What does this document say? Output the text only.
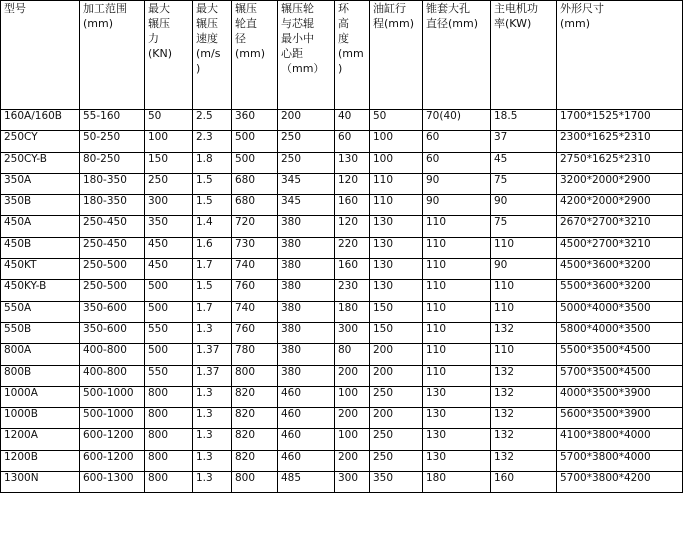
型号	加工范围
(mm)	最大
辗压
力
(KN)	最大
辗压
速度
(m/s
)	辗压
轮直
径
(mm)	辗压轮
与芯辊
最小中
心距
（mm）	环
高
度
(mm
)	油缸行
程(mm)	锥套大孔
直径(mm)	主电机功
率(KW)	外形尺寸
(mm)

160A/160B	55-160	50	2.5	360	200	40	50	70(40)	18.5	1700*1525*1700
250CY	50-250	100	2.3	500	250	60	100	60	37	2300*1625*2310
250CY-B	80-250	150	1.8	500	250	130	100	60	45	2750*1625*2310
350A	180-350	250	1.5	680	345	120	110	90	75	3200*2000*2900
350B	180-350	300	1.5	680	345	160	110	90	90	4200*2000*2900
450A	250-450	350	1.4	720	380	120	130	110	75	2670*2700*3210
450B	250-450	450	1.6	730	380	220	130	110	110	4500*2700*3210
450KT	250-500	450	1.7	740	380	160	130	110	90	4500*3600*3200
450KY-B	250-500	500	1.5	760	380	230	130	110	110	5500*3600*3200
550A	350-600	500	1.7	740	380	180	150	110	110	5000*4000*3500
550B	350-600	550	1.3	760	380	300	150	110	132	5800*4000*3500
800A	400-800	500	1.37	780	380	80	200	110	110	5500*3500*4500
800B	400-800	550	1.37	800	380	200	200	110	132	5700*3500*4500
1000A	500-1000	800	1.3	820	460	100	250	130	132	4000*3500*3900
1000B	500-1000	800	1.3	820	460	200	200	130	132	5600*3500*3900
1200A	600-1200	800	1.3	820	460	100	250	130	132	4100*3800*4000
1200B	600-1200	800	1.3	820	460	200	250	130	132	5700*3800*4000
1300N	600-1300	800	1.3	800	485	300	350	180	160	5700*3800*4200
